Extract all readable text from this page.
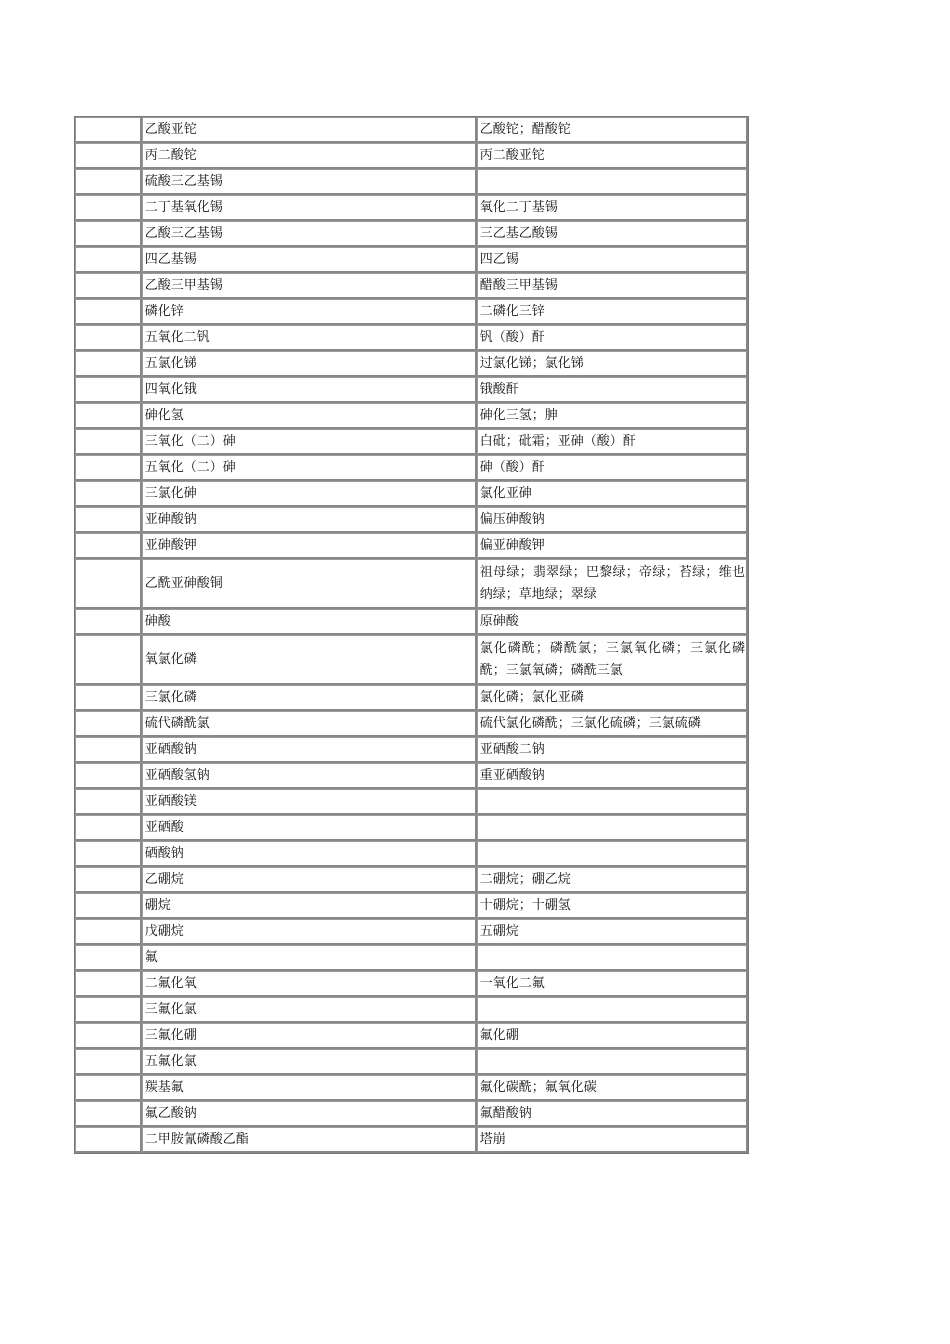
	乙酸亚铊	乙酸铊；醋酸铊
	丙二酸铊	丙二酸亚铊
	硫酸三乙基锡	
	二丁基氧化锡	氧化二丁基锡
	乙酸三乙基锡	三乙基乙酸锡
	四乙基锡	四乙锡
	乙酸三甲基锡	醋酸三甲基锡
	磷化锌	二磷化三锌
	五氧化二钒	钒（酸）酐
	五氯化锑	过氯化锑；氯化锑
	四氧化锇	锇酸酐
	砷化氢	砷化三氢；胂
	三氧化（二）砷	白砒；砒霜；亚砷（酸）酐
	五氧化（二）砷	砷（酸）酐
	三氯化砷	氯化亚砷
	亚砷酸钠	偏压砷酸钠
	亚砷酸钾	偏亚砷酸钾
	乙酰亚砷酸铜	祖母绿；翡翠绿；巴黎绿；帝绿；苔绿；维也纳绿；草地绿；翠绿
	砷酸	原砷酸
	氧氯化磷	氯化磷酰；磷酰氯；三氯氧化磷；三氯化磷酰；三氯氧磷；磷酰三氯
	三氯化磷	氯化磷；氯化亚磷
	硫代磷酰氯	硫代氯化磷酰；三氯化硫磷；三氯硫磷
	亚硒酸钠	亚硒酸二钠
	亚硒酸氢钠	重亚硒酸钠
	亚硒酸镁	
	亚硒酸	
	硒酸钠	
	乙硼烷	二硼烷；硼乙烷
	硼烷	十硼烷；十硼氢
	戊硼烷	五硼烷
	氟	
	二氟化氧	一氧化二氟
	三氟化氯	
	三氟化硼	氟化硼
	五氟化氯	
	羰基氟	氟化碳酰；氟氧化碳
	氟乙酸钠	氟醋酸钠
	二甲胺氰磷酸乙酯	塔崩
